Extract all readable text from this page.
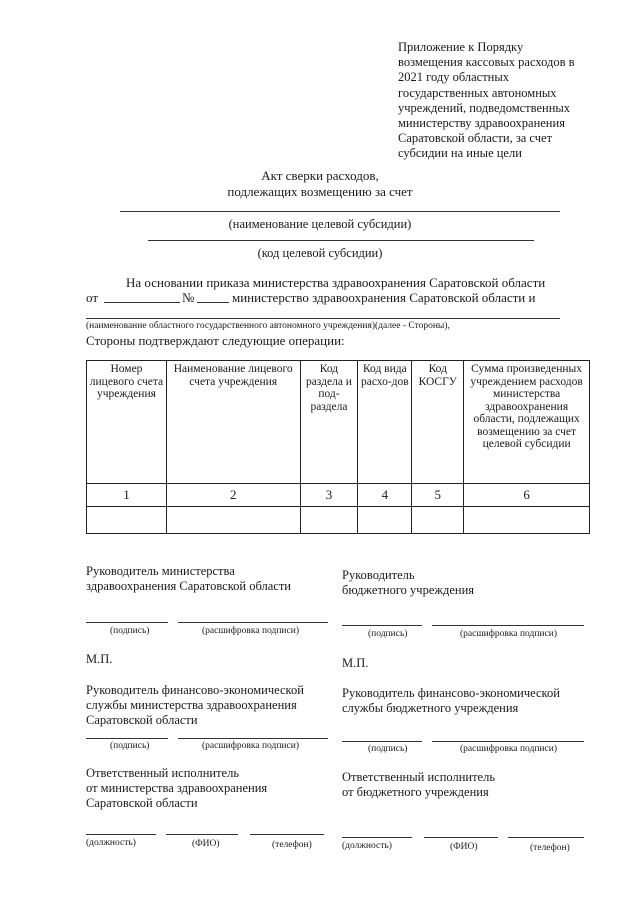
Приложение к Порядку
возмещения кассовых расходов в
2021 году областных
государственных автономных
учреждений, подведомственных
министерству здравоохранения
Саратовской области, за счет
субсидии на иные цели
Акт сверки расходов,
подлежащих возмещению за счет
(наименование целевой субсидии)
(код целевой субсидии)
На основании приказа министерства здравоохранения Саратовской области
от	№	министерство здравоохранения Саратовской области и
(наименование областного государственного автономного учреждения)(далее - Стороны),
Стороны подтверждают следующие операции:
Номер лицевого счета учреждения	Наименование лицевого счета учреждения	Код раздела и под-раздела	Код вида расхо-дов	Код КОСГУ	Сумма произведенных учреждением расходов министерства здравоохранения области, подлежащих возмещению за счет целевой субсидии
1	2	3	4	5	6

Руководитель министерства
здравоохранения Саратовской области
Руководитель
бюджетного учреждения
(подпись)	(расшифровка подписи)	(подпись)	(расшифровка подписи)
М.П.	М.П.
Руководитель финансово-экономической
службы министерства здравоохранения
Саратовской области
Руководитель финансово-экономической
службы бюджетного учреждения
(подпись)	(расшифровка подписи)	(подпись)	(расшифровка подписи)
Ответственный исполнитель
от министерства здравоохранения
Саратовской области
Ответственный исполнитель
от бюджетного учреждения
(должность)	(ФИО)	(телефон)	(должность)	(ФИО)	(телефон)
